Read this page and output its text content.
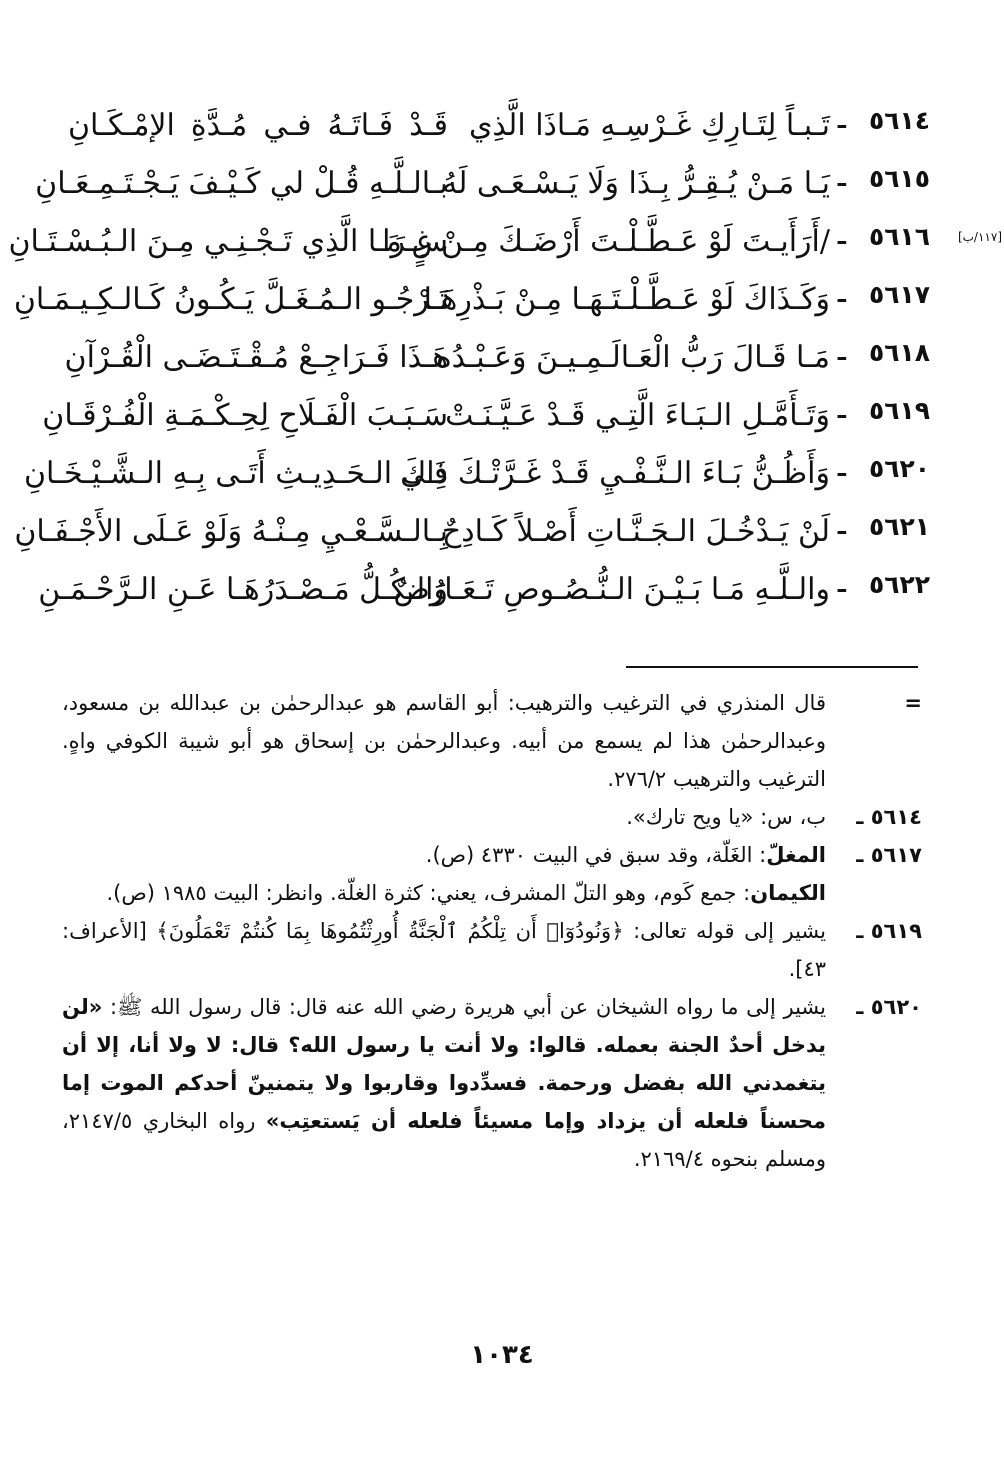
٥٦١٤
ـ
تَـبـاً لِتَـارِكِ غَـرْسِـهِ مَـاذَا الَّذِي
قَـدْ فَـاتَـهُ فـي مُـدَّةِ الإمْـكَـانِ
٥٦١٥
ـ
يَـا مَـنْ يُـقِـرُّ بِـذَا وَلَا يَـسْـعَـى لَهُ
بـالـلَّـهِ قُـلْ لي كَـيْـفَ يَـجْـتَـمِـعَـانِ
[١١٧/ب]
٥٦١٦
ـ
/أَرَأَيـتَ لَوْ عَـطَّـلْـتَ أَرْضَـكَ مِـنْ غِـرَا
سٍ مَـا الَّذِي تَـجْـنِـي مِـنَ الـبُـسْـتَـانِ
٥٦١٧
ـ
وَكَـذَاكَ لَوْ عَـطَّـلْـتَـهَـا مِـنْ بَـذْرِهَـا
تَـرْجُـو الـمُـغَـلَّ يَـكُـونُ كَـالـكِـيـمَـانِ
٥٦١٨
ـ
مَـا قَـالَ رَبُّ الْعَـالَـمِـيـنَ وَعَـبْـدُه
هَـذَا فَـرَاجِـعْ مُـقْـتَـضَـى الْقُـرْآنِ
٥٦١٩
ـ
وَتَـأَمَّـلِ الـبَـاءَ الَّتِـي قَـدْ عَـيَّـنَـتْ
سَـبَـبَ الْفَـلَاحِ لِحِـكْـمَـةِ الْفُـرْقَـانِ
٥٦٢٠
ـ
وَأَظُـنُّ بَـاءَ الـنَّـفْـيِ قَـدْ غَـرَّتْـكَ فِـي
ذَاكَ الـحَـدِيـثِ أَتَـى بِـهِ الـشَّـيْـخَـانِ
٥٦٢١
ـ
لَنْ يَـدْخُـلَ الـجَـنَّـاتِ أَصْـلاً كَـادِحٌ
بِـالـسَّـعْـيِ مِـنْـهُ وَلَوْ عَـلَى الأَجْـفَـانِ
٥٦٢٢
ـ
والـلَّـهِ مَـا بَـيْـنَ الـنُّـصُـوصِ تَـعَـارُضٌ
وَالـكُـلُّ مَـصْـدَرُهَـا عَـنِ الـرَّحْـمَـنِ
=

قال المنذري في الترغيب والترهيب: أبو القاسم هو عبدالرحمٰن بن عبدالله بن مسعود، وعبدالرحمٰن هذا لم يسمع من أبيه. وعبدالرحمٰن بن إسحاق هو أبو شيبة الكوفي واهٍ. الترغيب والترهيب ٢٧٦/٢.

٥٦١٤ ـ

ب، س: «يا ويح تارك».

٥٦١٧ ـ

المغلّ: الغَلّة، وقد سبق في البيت ٤٣٣٠ (ص).

الكيمان: جمع كَوم، وهو التلّ المشرف، يعني: كثرة الغلّة. وانظر: البيت ١٩٨٥ (ص).

٥٦١٩ ـ

يشير إلى قوله تعالى: ﴿وَنُودُوٓا۟ أَن تِلْكُمُ ٱلْجَنَّةُ أُورِثْتُمُوهَا بِمَا كُنتُمْ تَعْمَلُونَ﴾ [الأعراف: ٤٣].

٥٦٢٠ ـ

يشير إلى ما رواه الشيخان عن أبي هريرة رضي الله عنه قال: قال رسول الله ﷺ: «لن يدخل أحدٌ الجنة بعمله. قالوا: ولا أنت يا رسول الله؟ قال: لا ولا أنا، إلا أن يتغمدني الله بفضل ورحمة. فسدِّدوا وقاربوا ولا يتمنينّ أحدكم الموت إما محسناً فلعله أن يزداد وإما مسيئاً فلعله أن يَستعتِب» رواه البخاري ٢١٤٧/٥، ومسلم بنحوه ٢١٦٩/٤.

١٠٣٤
